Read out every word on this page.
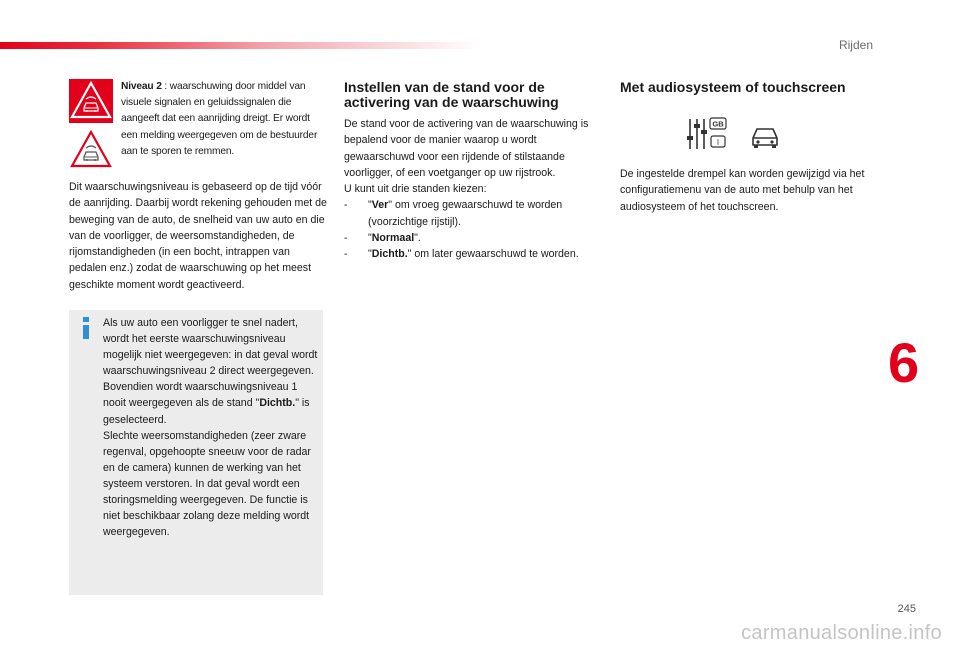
Rijden
Niveau 2 : waarschuwing door middel van visuele signalen en geluidssignalen die aangeeft dat een aanrijding dreigt. Er wordt een melding weergegeven om de bestuurder aan te sporen te remmen.

Dit waarschuwingsniveau is gebaseerd op de tijd vóór de aanrijding. Daarbij wordt rekening gehouden met de beweging van de auto, de snelheid van uw auto en die van de voorligger, de weersomstandigheden, de rijomstandigheden (in een bocht, intrappen van pedalen enz.) zodat de waarschuwing op het meest geschikte moment wordt geactiveerd.

Als uw auto een voorligger te snel nadert, wordt het eerste waarschuwingsniveau mogelijk niet weergegeven: in dat geval wordt waarschuwingsniveau 2 direct weergegeven.

Bovendien wordt waarschuwingsniveau 1 nooit weergegeven als de stand "Dichtb." is geselecteerd.

Slechte weersomstandigheden (zeer zware regenval, opgehoopte sneeuw voor de radar en de camera) kunnen de werking van het systeem verstoren. In dat geval wordt een storingsmelding weergegeven. De functie is niet beschikbaar zolang deze melding wordt weergegeven.

Instellen van de stand voor de activering van de waarschuwing

De stand voor de activering van de waarschuwing is bepalend voor de manier waarop u wordt gewaarschuwd voor een rijdende of stilstaande voorligger, of een voetganger op uw rijstrook.

U kunt uit drie standen kiezen:

-	"Ver" om vroeg gewaarschuwd te worden (voorzichtige rijstijl).
-	"Normaal".
-	"Dichtb." om later gewaarschuwd te worden.
Met audiosysteem of touchscreen
GB
I

De ingestelde drempel kan worden gewijzigd via het configuratiemenu van de auto met behulp van het audiosysteem of het touchscreen.

6
245
carmanualsonline.info
